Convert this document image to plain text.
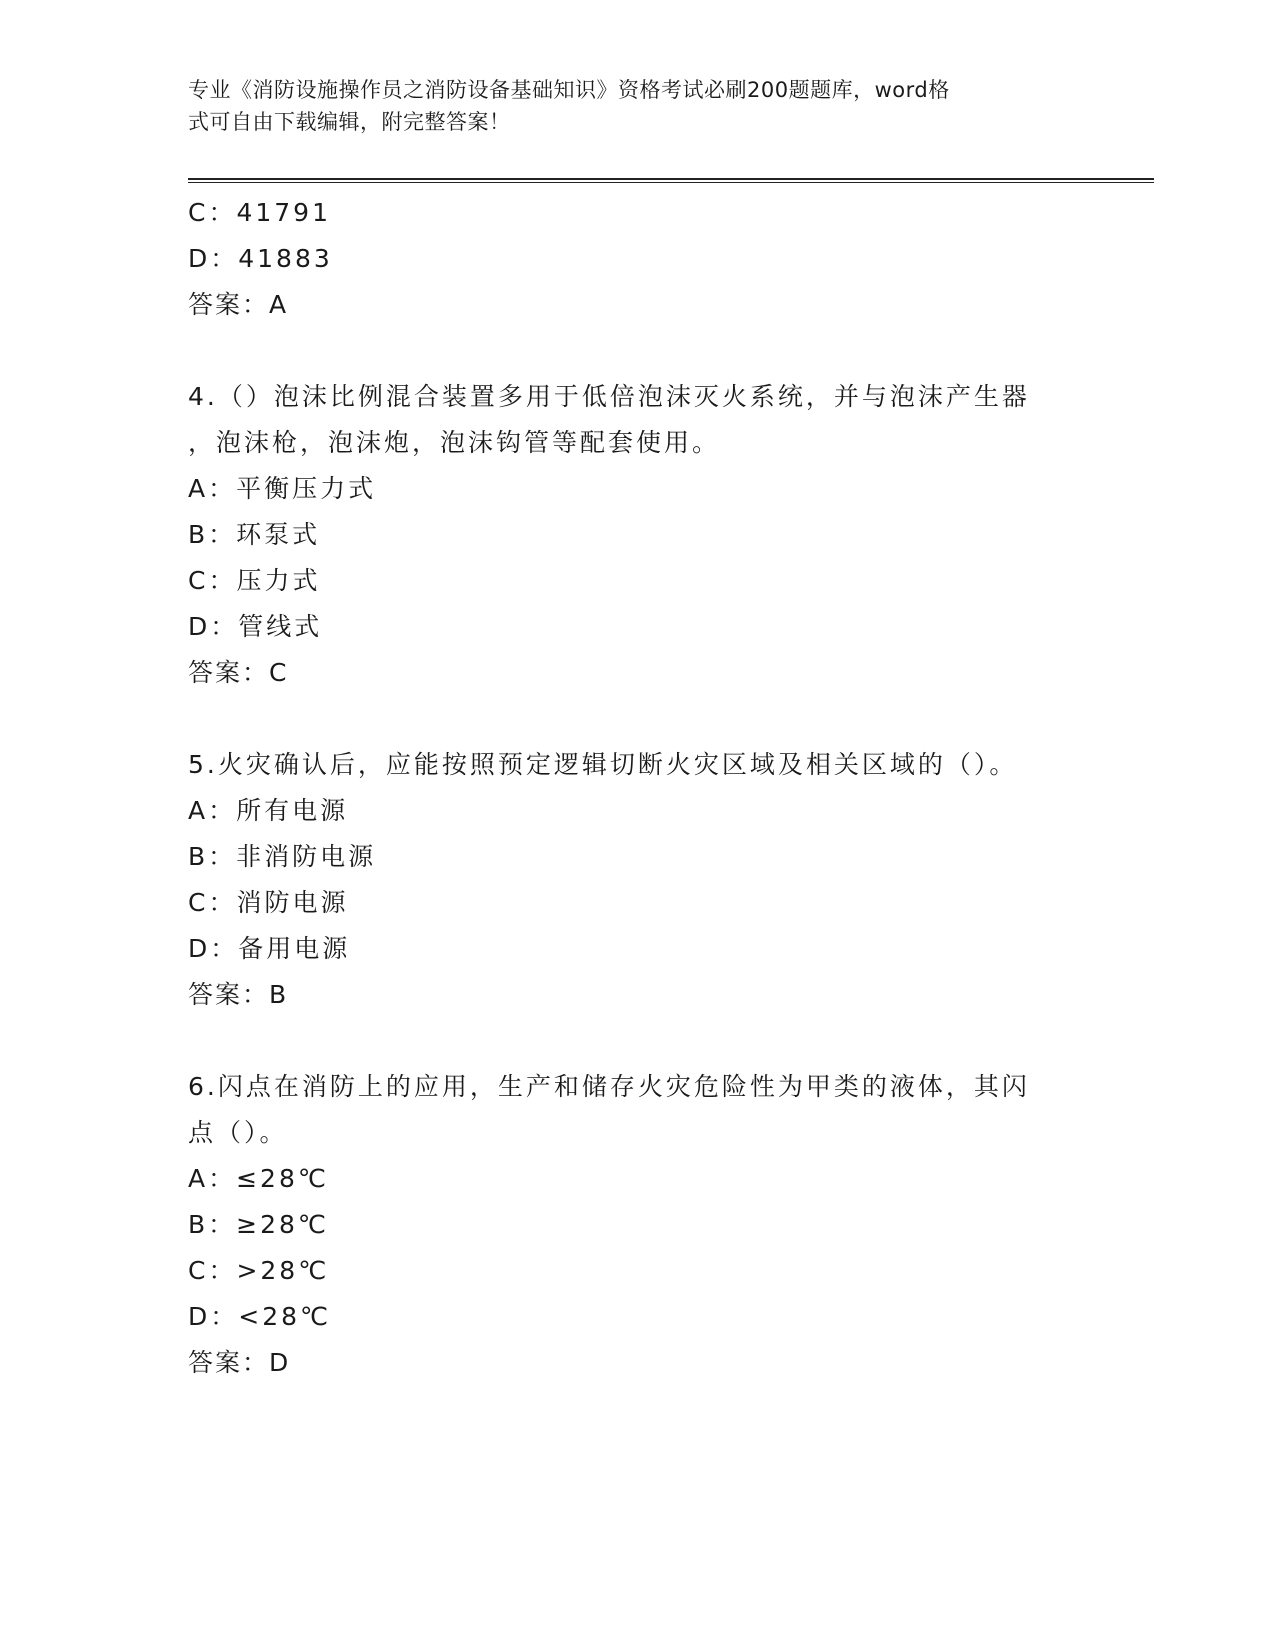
专业《消防设施操作员之消防设备基础知识》资格考试必刷200题题库，word格
式可自由下载编辑，附完整答案！
C：41791
D：41883
答案：A
4.（）泡沫比例混合装置多用于低倍泡沫灭火系统，并与泡沫产生器
，泡沫枪，泡沫炮，泡沫钩管等配套使用。
A：平衡压力式
B：环泵式
C：压力式
D：管线式
答案：C
5.火灾确认后，应能按照预定逻辑切断火灾区域及相关区域的（）。
A：所有电源
B：非消防电源
C：消防电源
D：备用电源
答案：B
6.闪点在消防上的应用，生产和储存火灾危险性为甲类的液体，其闪
点（）。
A：≤28℃
B：≥28℃
C：>28℃
D：<28℃
答案：D
